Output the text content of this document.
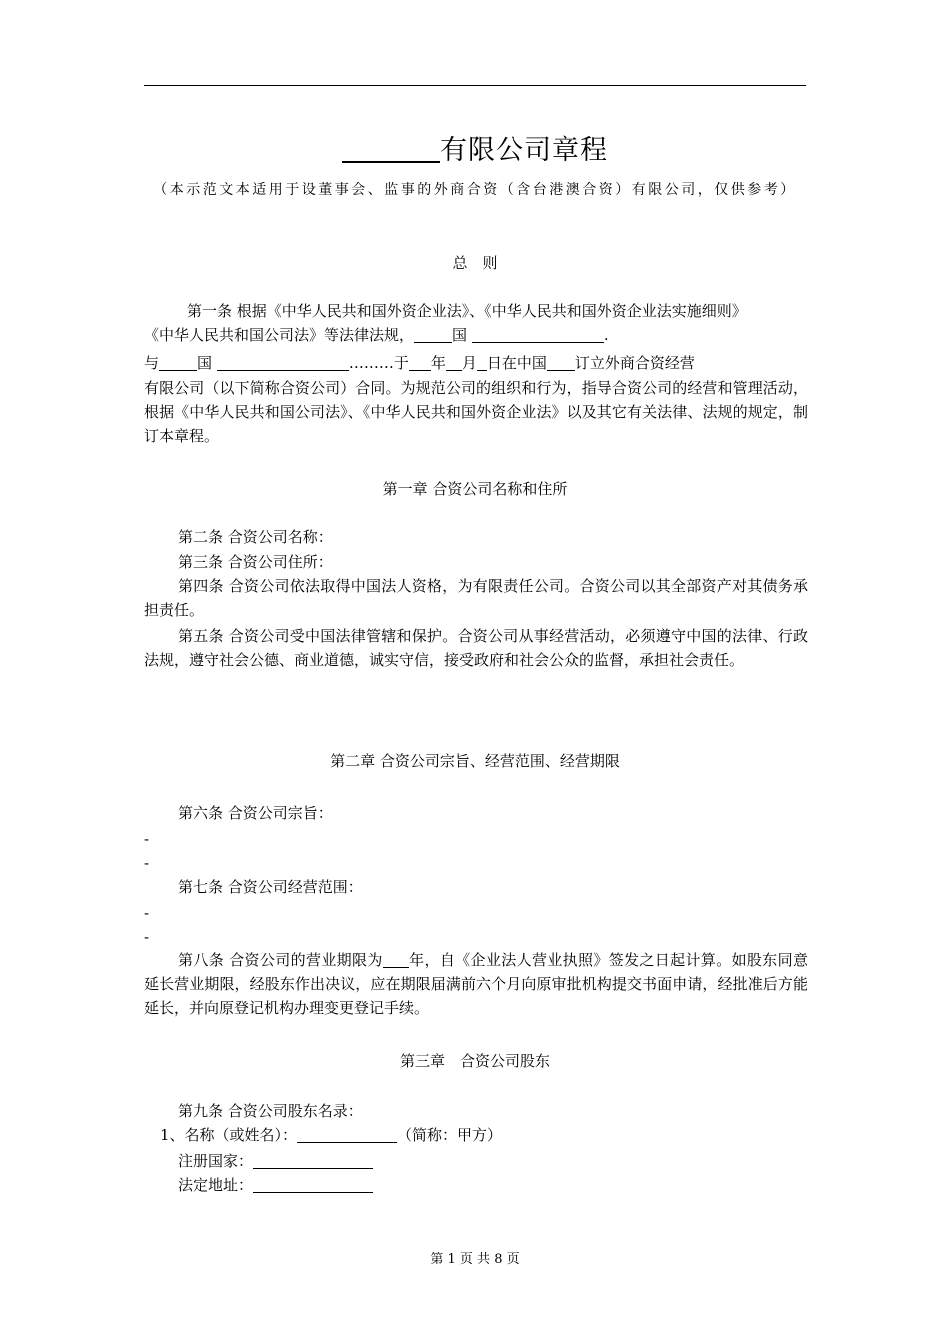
有限公司章程
（本示范文本适用于设董事会、监事的外商合资（含台港澳合资）有限公司，仅供参考）
总　则
第一条 根据《中华人民共和国外资企业法》、《中华人民共和国外资企业法实施细则》
《中华人民共和国公司法》等法律法规，	国	.
与	国	………于 年 月 日在中国 订立外商合资经营
有限公司（以下简称合资公司）合同。为规范公司的组织和行为，指导合资公司的经营和管理活动，根据《中华人民共和国公司法》、《中华人民共和国外资企业法》以及其它有关法律、法规的规定，制订本章程。
第一章 合资公司名称和住所
第二条 合资公司名称：
第三条 合资公司住所：
第四条 合资公司依法取得中国法人资格，为有限责任公司。合资公司以其全部资产对其债务承担责任。
第五条 合资公司受中国法律管辖和保护。合资公司从事经营活动，必须遵守中国的法律、行政法规，遵守社会公德、商业道德，诚实守信，接受政府和社会公众的监督，承担社会责任。
第二章 合资公司宗旨、经营范围、经营期限
第六条 合资公司宗旨：
-
-
第七条 合资公司经营范围：
-
-
第八条 合资公司的营业期限为 年，自《企业法人营业执照》签发之日起计算。如股东同意延长营业期限，经股东作出决议，应在期限届满前六个月向原审批机构提交书面申请，经批准后方能延长，并向原登记机构办理变更登记手续。
第三章　合资公司股东
第九条 合资公司股东名录：
1、名称（或姓名）：	（简称：甲方）
注册国家：
法定地址：
第 1 页 共 8 页
